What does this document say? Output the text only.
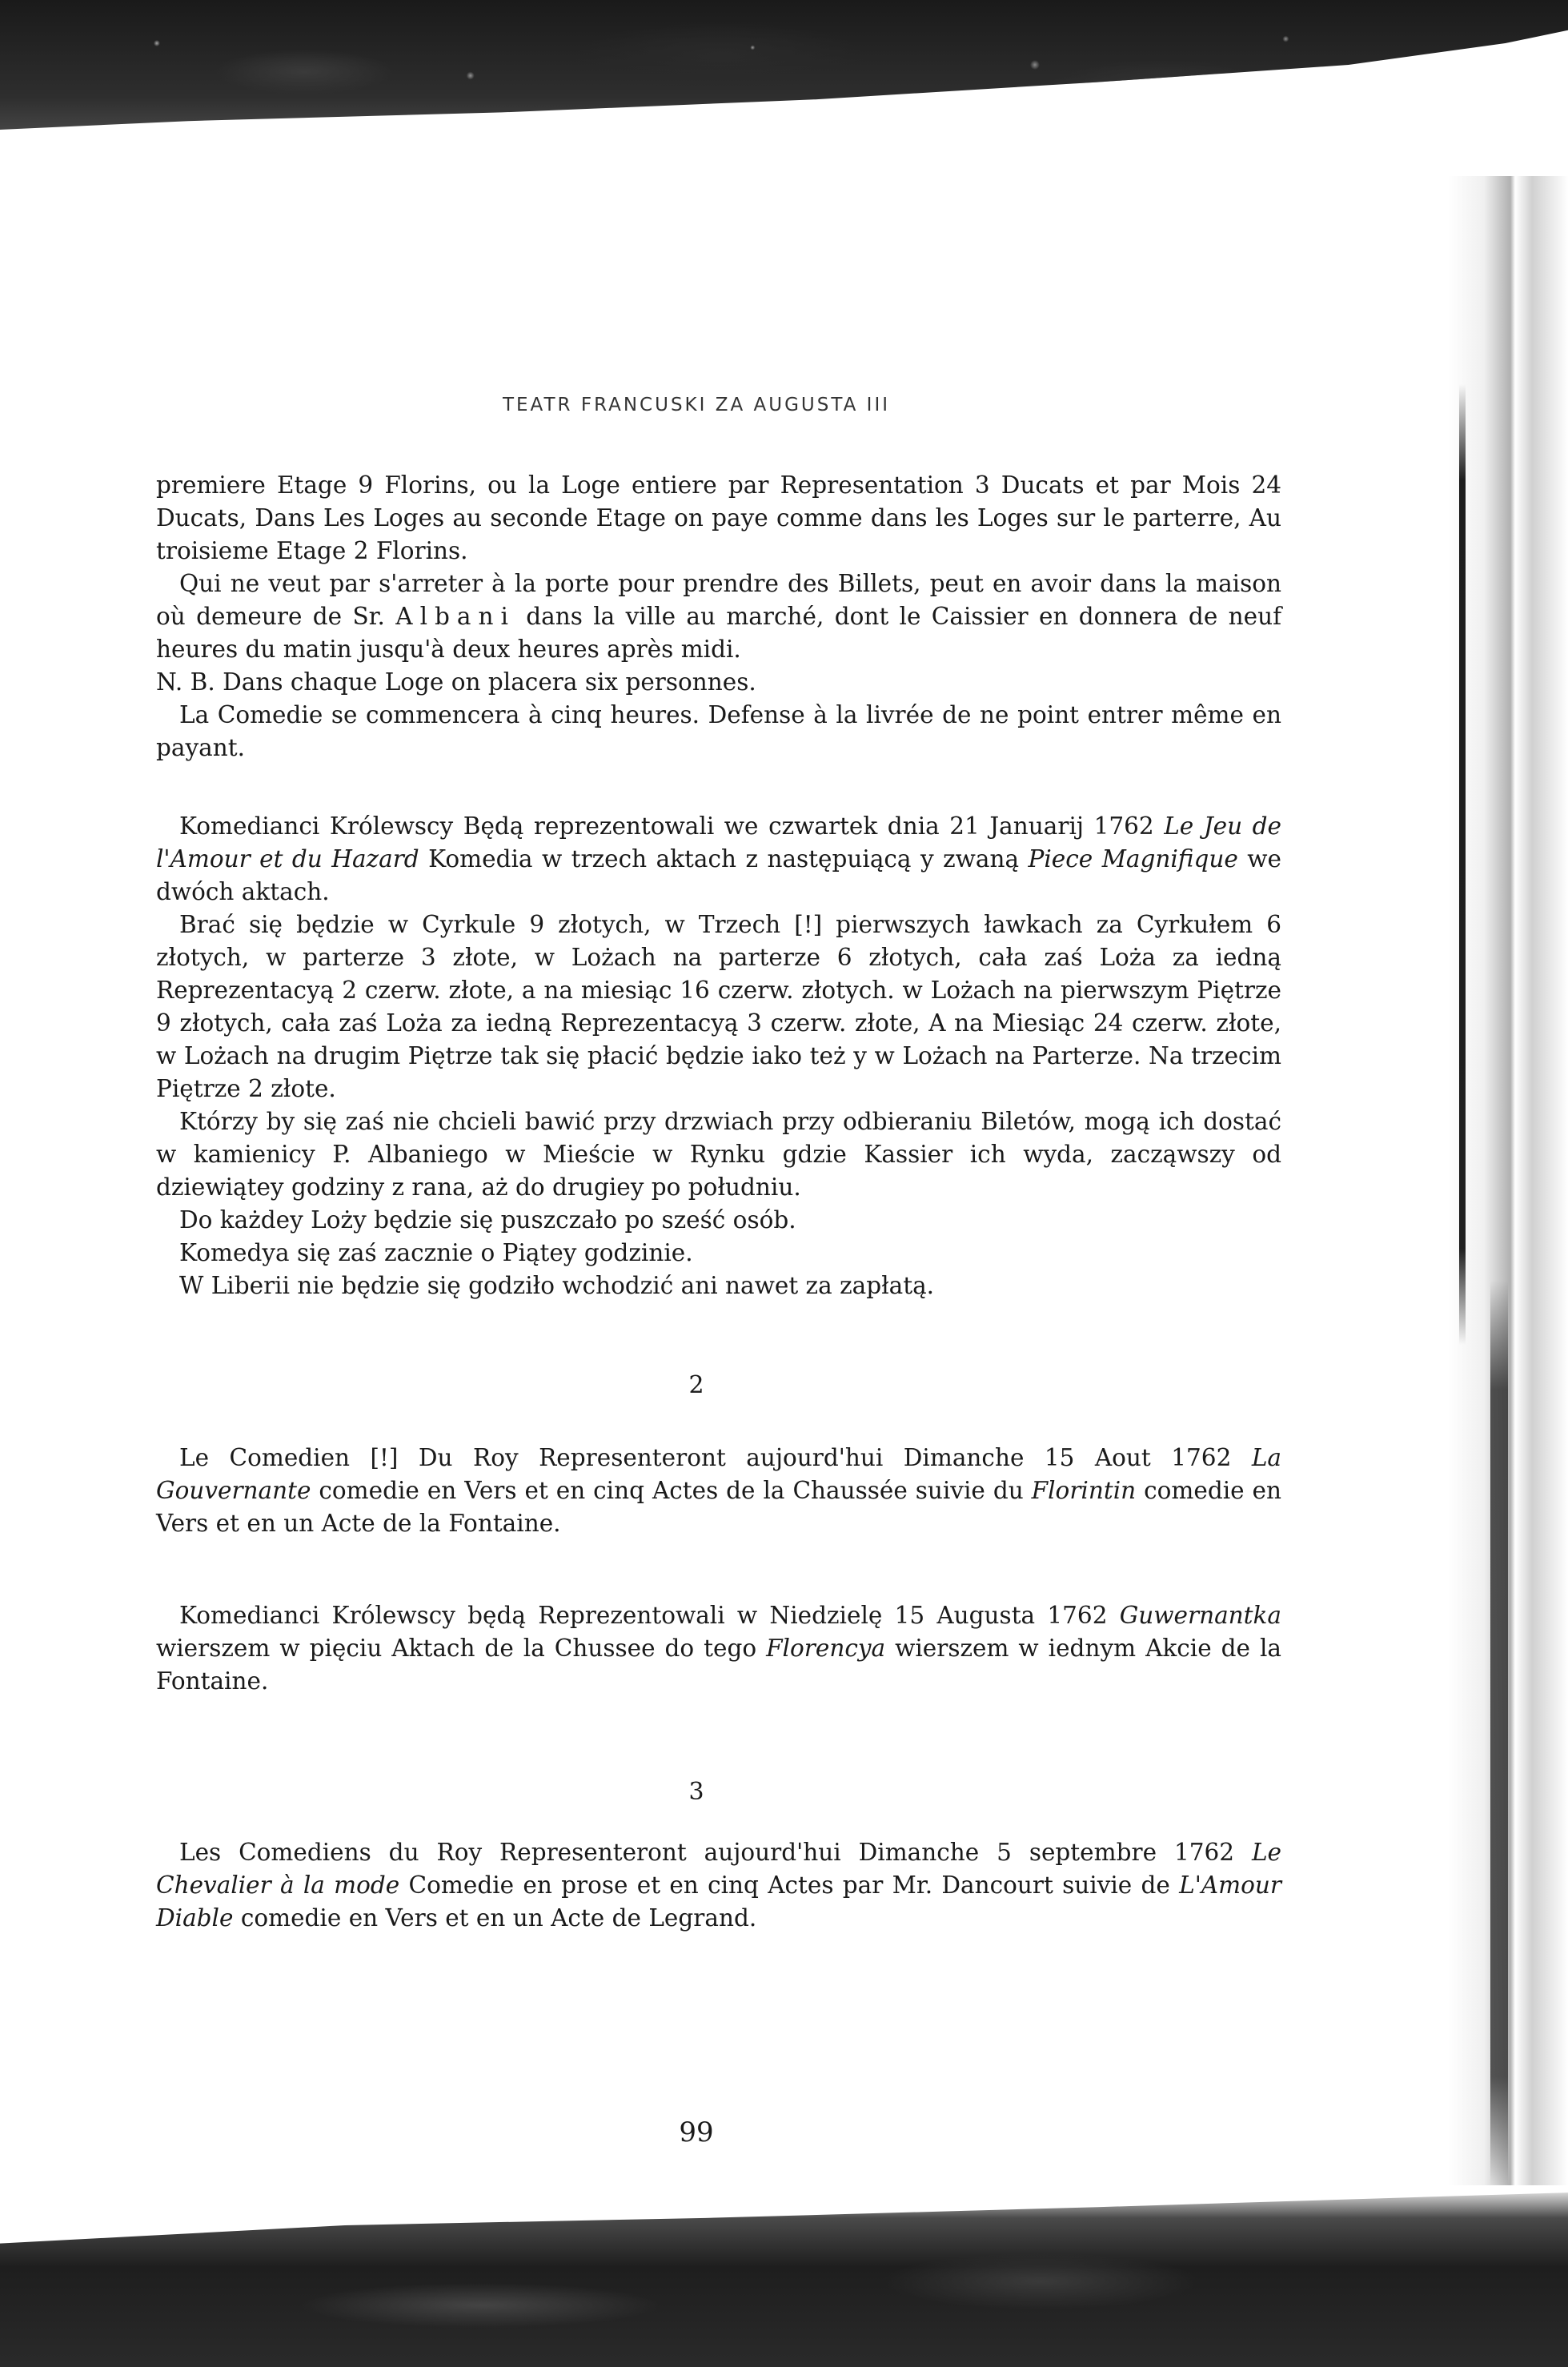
TEATR FRANCUSKI ZA AUGUSTA III

premiere Etage 9 Florins, ou la Loge entiere par Representation 3 Ducats et par Mois 24 Ducats, Dans Les Loges au seconde Etage on paye comme dans les Loges sur le parterre, Au troisieme Etage 2 Florins.

Qui ne veut par s'arreter à la porte pour prendre des Billets, peut en avoir dans la maison où demeure de Sr. Albani dans la ville au marché, dont le Caissier en donnera de neuf heures du matin jusqu'à deux heures après midi.

N. B. Dans chaque Loge on placera six personnes.

La Comedie se commencera à cinq heures. Defense à la livrée de ne point entrer même en payant.

Komedianci Królewscy Będą reprezentowali we czwartek dnia 21 Januarij 1762 Le Jeu de l'Amour et du Hazard Komedia w trzech aktach z następuiącą y zwaną Piece Magnifique we dwóch aktach.

Brać się będzie w Cyrkule 9 złotych, w Trzech [!] pierwszych ławkach za Cyrkułem 6 złotych, w parterze 3 złote, w Lożach na parterze 6 złotych, cała zaś Loża za iedną Reprezentacyą 2 czerw. złote, a na miesiąc 16 czerw. złotych. w Lożach na pierwszym Piętrze 9 złotych, cała zaś Loża za iedną Reprezentacyą 3 czerw. złote, A na Miesiąc 24 czerw. złote, w Lożach na drugim Piętrze tak się płacić będzie iako też y w Lożach na Parterze. Na trzecim Piętrze 2 złote.

Którzy by się zaś nie chcieli bawić przy drzwiach przy odbieraniu Biletów, mogą ich dostać w kamienicy P. Albaniego w Mieście w Rynku gdzie Kassier ich wyda, zacząwszy od dziewiątey godziny z rana, aż do drugiey po południu.

Do każdey Loży będzie się puszczało po sześć osób.

Komedya się zaś zacznie o Piątey godzinie.

W Liberii nie będzie się godziło wchodzić ani nawet za zapłatą.

2

Le Comedien [!] Du Roy Representeront aujourd'hui Dimanche 15 Aout 1762 La Gouvernante comedie en Vers et en cinq Actes de la Chaussée suivie du Florintin comedie en Vers et en un Acte de la Fontaine.

Komedianci Królewscy będą Reprezentowali w Niedzielę 15 Augusta 1762 Guwernantka wierszem w pięciu Aktach de la Chussee do tego Florencya wierszem w iednym Akcie de la Fontaine.

3

Les Comediens du Roy Representeront aujourd'hui Dimanche 5 septembre 1762 Le Chevalier à la mode Comedie en prose et en cinq Actes par Mr. Dancourt suivie de L'Amour Diable comedie en Vers et en un Acte de Legrand.

99
